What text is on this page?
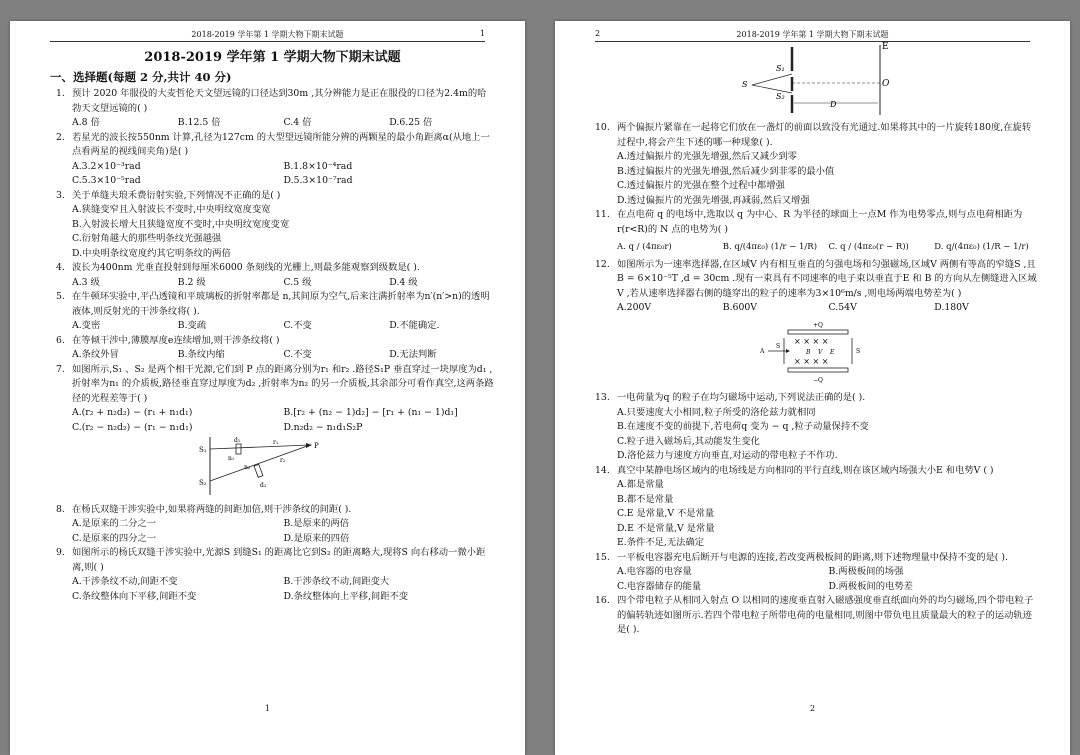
2018-2019 学年第 1 学期大物下期末试题	1
2018-2019 学年第 1 学期大物下期末试题
一、选择题(每题 2 分,共计 40 分)
1. 预计 2020 年服役的大麦哲伦天文望远镜的口径达到30m ,其分辨能力是正在服役的口径为2.4m的哈勃天文望远镜的( )
A.8 倍	B.12.5 倍	C.4 倍	D.6.25 倍
2. 若星光的波长按550nm 计算,孔径为127cm 的大型望远镜所能分辨的两颗星的最小角距离α(从地上一点看两星的视线间夹角)是( )
A.3.2×10⁻³rad	B.1.8×10⁻⁴rad
C.5.3×10⁻⁵rad	D.5.3×10⁻⁷rad
3. 关于单缝夫琅禾费衍射实验,下列情况不正确的是( )
A.狭缝变窄且入射波长不变时,中央明纹宽度变宽
B.入射波长增大且狭缝宽度不变时,中央明纹宽度变宽
C.衍射角越大的那些明条纹光强越强
D.中央明条纹宽度约其它明条纹的两倍
4. 波长为400nm 光垂直投射到每厘米6000 条刻线的光栅上,则最多能观察到级数是( ).
A.3 级	B.2 级	C.5 级	D.4 级
5. 在牛顿环实验中,平凸透镜和平玻璃板的折射率都是 n,其间原为空气,后来注满折射率为n′(n′>n)的透明液体,则反射光的干涉条纹将( ).
A.变密	B.变疏	C.不变	D.不能确定.
6. 在等倾干涉中,薄膜厚度e连续增加,则干涉条纹将( )
A.条纹外冒	B.条纹内缩	C.不变	D.无法判断
7. 如图所示,S₁ 、S₂ 是两个相干光源,它们到 P 点的距离分别为r₁ 和r₂ .路径S₁P 垂直穿过一块厚度为d₁ ,折射率为n₁ 的介质板,路径垂直穿过厚度为d₂ ,折射率为n₂ 的另一介质板,其余部分可看作真空,这两条路径的光程差等于( )
A.(r₂ + n₂d₂) − (r₁ + n₁d₁)	B.[r₂ + (n₂ − 1)d₂] − [r₁ + (n₁ − 1)d₁]
C.(r₂ − n₂d₂) − (r₁ − n₁d₁)	D.n₂d₂ − n₁d₁S₂P
S₁
S₂
d₁
n₁
r₁
r₂
n₂
d₂
P
8. 在杨氏双缝干涉实验中,如果将两缝的间距加倍,则干涉条纹的间距( ).
A.是原来的二分之一	B.是原来的两倍
C.是原来的四分之一	D.是原来的四倍
9. 如图所示的杨氏双缝干涉实验中,光源S 到缝S₁ 的距离比它到S₂ 的距离略大,现将S 向右移动一微小距离,则( )
A.干涉条纹不动,间距不变	B.干涉条纹不动,间距变大
C.条纹整体向下平移,间距不变	D.条纹整体向上平移,间距不变
1
2	2018-2019 学年第 1 学期大物下期末试题
S₁
S
S₂
E
O
D
10. 两个偏振片紧靠在一起将它们放在一盏灯的前面以致没有光通过.如果将其中的一片旋转180度,在旋转过程中,将会产生下述的哪一种现象( ).
A.透过偏振片的光强先增强,然后又减少到零
B.透过偏振片的光强先增强,然后减少到非零的最小值
C.透过偏振片的光强在整个过程中都增强
D.透过偏振片的光强先增强,再减弱,然后又增强
11. 在点电荷 q 的电场中,选取以 q 为中心、R 为半径的球面上一点M 作为电势零点,则与点电荷相距为 r(r<R)的 N 点的电势为( )
A. q / (4πε₀r)	B. q/(4πε₀) (1/r − 1/R)	C. q / (4πε₀(r − R))	D. q/(4πε₀) (1/R − 1/r)
12. 如图所示为一速率选择器,在区域V 内有相互垂直的匀强电场和匀强磁场,区域V 两侧有等高的窄缝S ,且B = 6×10⁻⁵T ,d = 30cm .现有一束具有不同速率的电子束以垂直于E 和 B 的方向从左侧缝进入区域V ,若从速率选择器右侧的缝穿出的粒子的速率为3×10⁶m/s ,则电场两端电势差为( )
A.200V	B.600V	C.54V	D.180V
+Q
−Q
A
S
S
× × × ×
× × × ×
B V E
13. 一电荷量为q 的粒子在均匀磁场中运动,下列说法正确的是( ).
A.只要速度大小相同,粒子所受的洛伦兹力就相同
B.在速度不变的前提下,若电荷q 变为 − q ,粒子动量保持不变
C.粒子进入磁场后,其动能发生变化
D.洛伦兹力与速度方向垂直,对运动的带电粒子不作功.
14. 真空中某静电场区域内的电场线是方向相同的平行直线,则在该区域内场强大小E 和电势V ( )
A.都是常量
B.都不是常量
C.E 是常量,V 不是常量
D.E 不是常量,V 是常量
E.条件不足,无法确定
15. 一平板电容器充电后断开与电源的连接,若改变两极板间的距离,则下述物理量中保持不变的是( ).
A.电容器的电容量	B.两极板间的场强
C.电容器储存的能量	D.两极板间的电势差
16. 四个带电粒子从相同入射点 O 以相同的速度垂直射入磁感强度垂直纸面向外的均匀磁场,四个带电粒子的偏转轨迹如图所示.若四个带电粒子所带电荷的电量相同,则图中带负电且质量最大的粒子的运动轨迹是( ).
2
